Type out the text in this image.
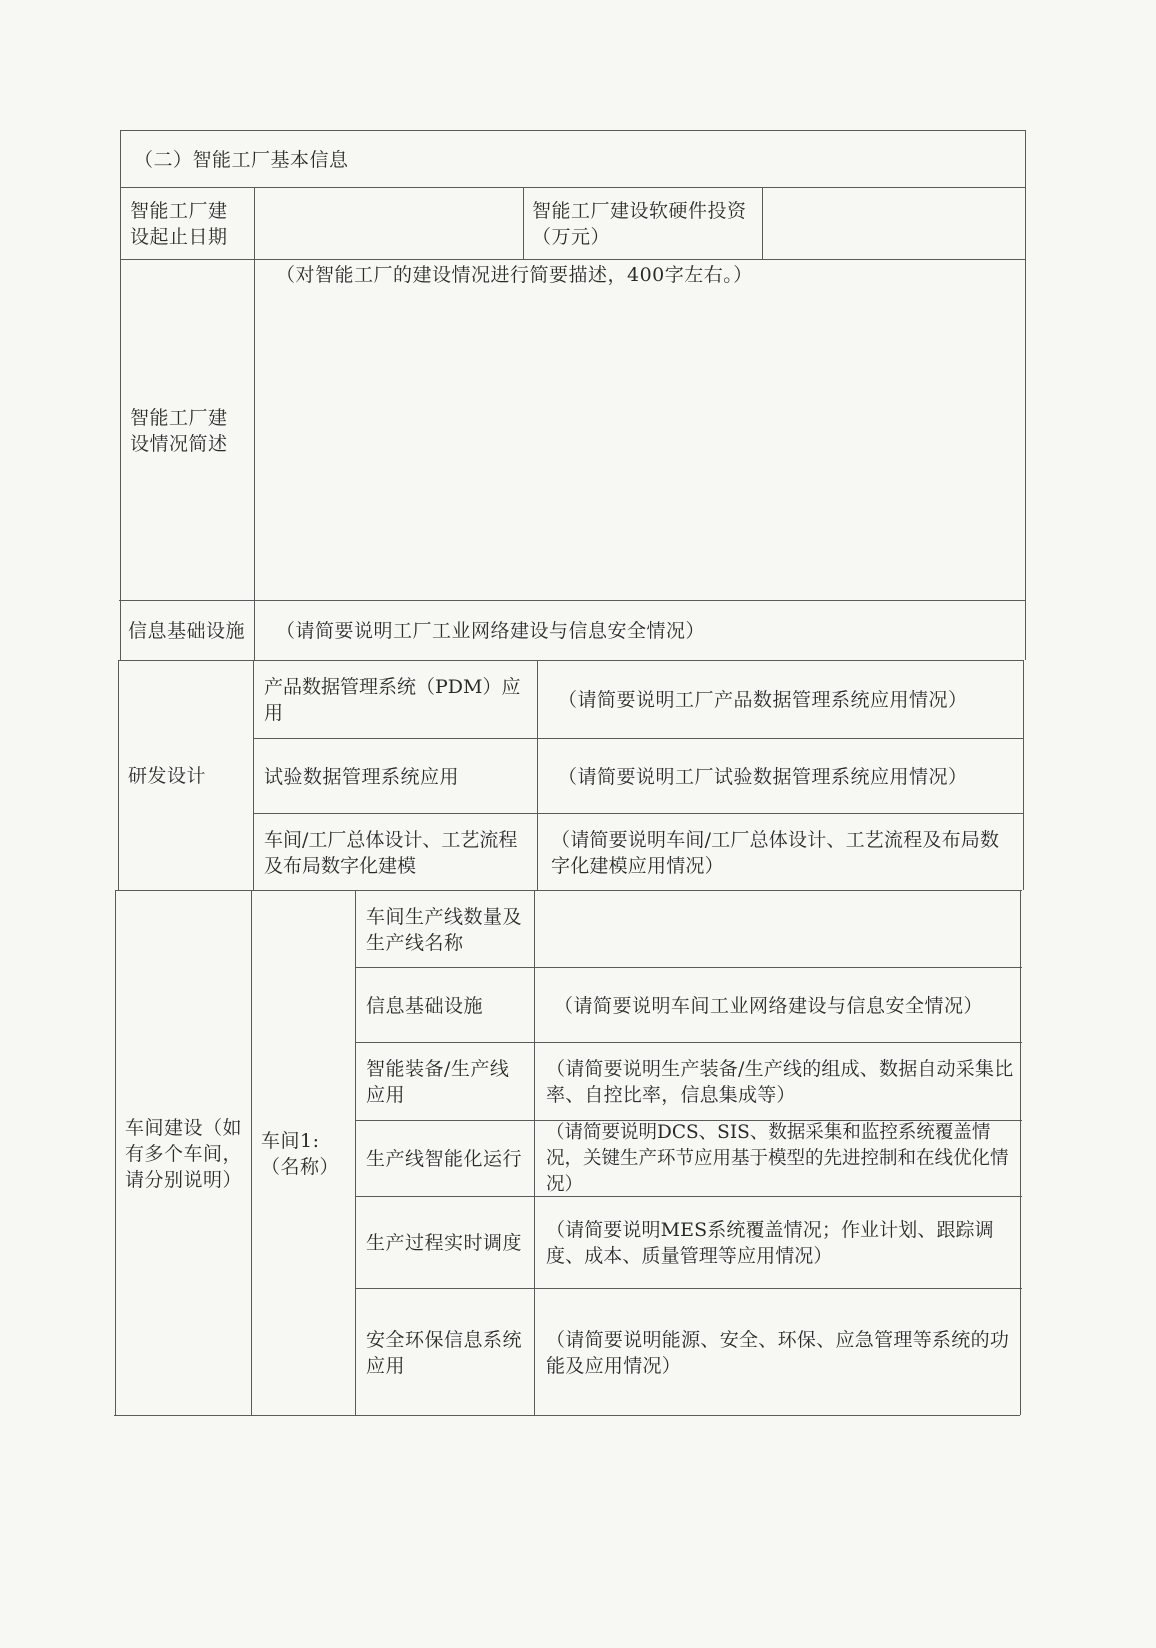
（二）智能工厂基本信息
智能工厂建设起止日期
智能工厂建设软硬件投资（万元）
智能工厂建设情况简述
（对智能工厂的建设情况进行简要描述，400字左右。）
信息基础设施 （请简要说明工厂工业网络建设与信息安全情况）
研发设计
产品数据管理系统（PDM）应用
（请简要说明工厂产品数据管理系统应用情况）
试验数据管理系统应用	（请简要说明工厂试验数据管理系统应用情况）
车间/工厂总体设计、工艺流程及布局数字化建模
（请简要说明车间/工厂总体设计、工艺流程及布局数字化建模应用情况）
车间建设（如有多个车间，请分别说明）
车间1:（名称）
车间生产线数量及生产线名称
信息基础设施	（请简要说明车间工业网络建设与信息安全情况）
智能装备/生产线应用
（请简要说明生产装备/生产线的组成、数据自动采集比率、自控比率，信息集成等）
生产线智能化运行
（请简要说明DCS、SIS、数据采集和监控系统覆盖情况，关键生产环节应用基于模型的先进控制和在线优化情况）
生产过程实时调度
（请简要说明MES系统覆盖情况；作业计划、跟踪调度、成本、质量管理等应用情况）
安全环保信息系统应用
（请简要说明能源、安全、环保、应急管理等系统的功能及应用情况）
